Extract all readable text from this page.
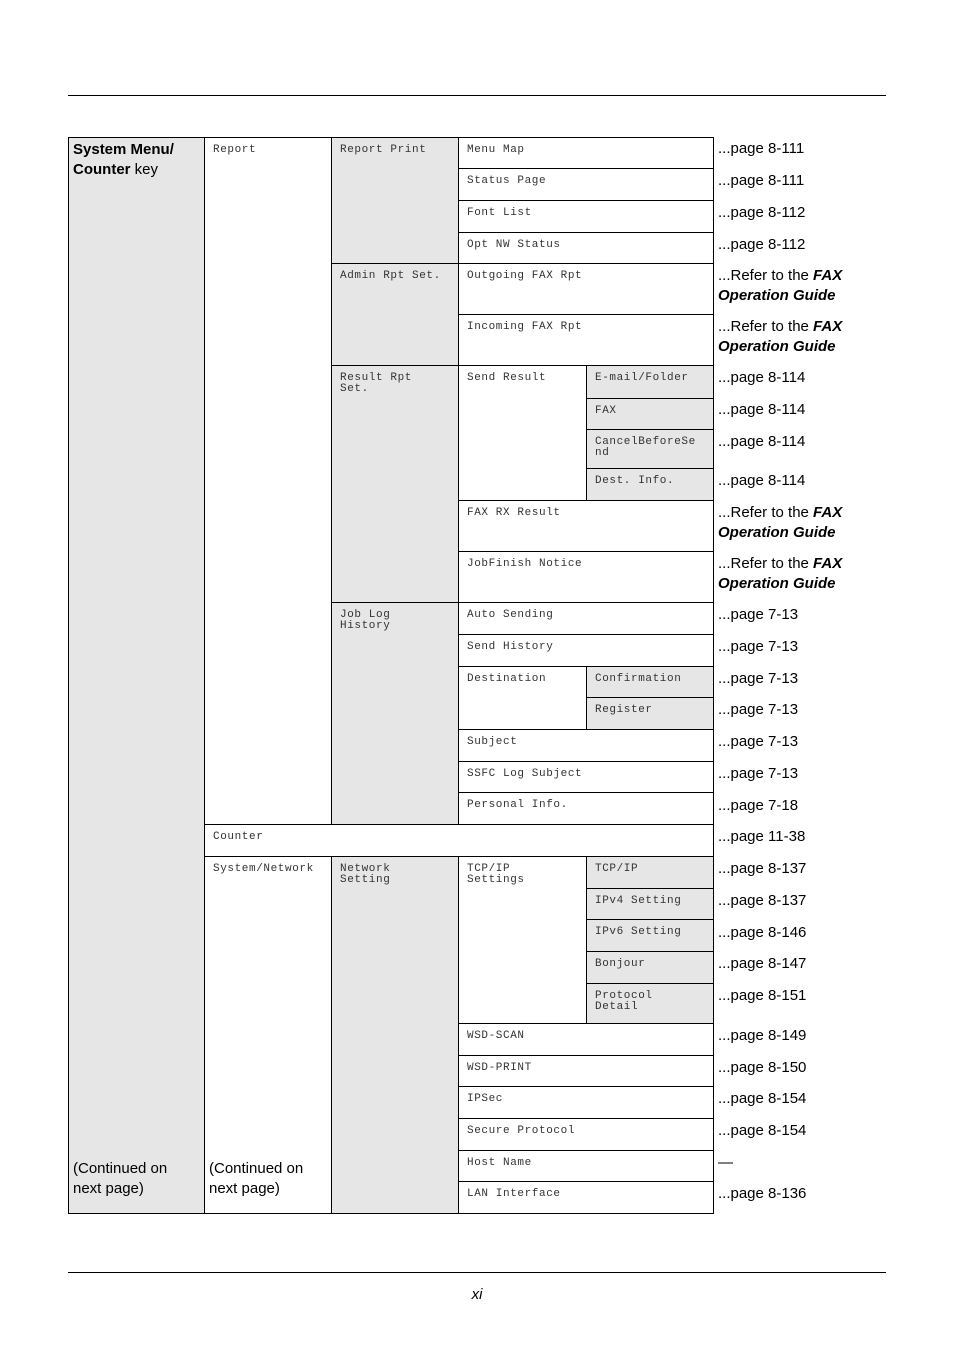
System Menu/
Counter key
(Continued on
next page)
Report
Counter
System/Network
(Continued on
next page)
Report Print
Admin Rpt Set.
Result Rpt
Set.
Job Log
History
Network
Setting
Menu Map
Status Page
Font List
Opt NW Status
Outgoing FAX Rpt
Incoming FAX Rpt
Send Result
FAX RX Result
JobFinish Notice
Auto Sending
Send History
Destination
Subject
SSFC Log Subject
Personal Info.
TCP/IP
Settings
WSD-SCAN
WSD-PRINT
IPSec
Secure Protocol
Host Name
LAN Interface
E-mail/Folder
FAX
CancelBeforeSe
nd
Dest. Info.
Confirmation
Register
TCP/IP
IPv4 Setting
IPv6 Setting
Bonjour
Protocol
Detail
...page 8-111
...page 8-111
...page 8-112
...page 8-112
...Refer to the FAX
Operation Guide
...Refer to the FAX
Operation Guide
...page 8-114
...page 8-114
...page 8-114
...page 8-114
...Refer to the FAX
Operation Guide
...Refer to the FAX
Operation Guide
...page 7-13
...page 7-13
...page 7-13
...page 7-13
...page 7-13
...page 7-13
...page 7-18
...page 11-38
...page 8-137
...page 8-137
...page 8-146
...page 8-147
...page 8-151
...page 8-149
...page 8-150
...page 8-154
...page 8-154
—
...page 8-136
xi
